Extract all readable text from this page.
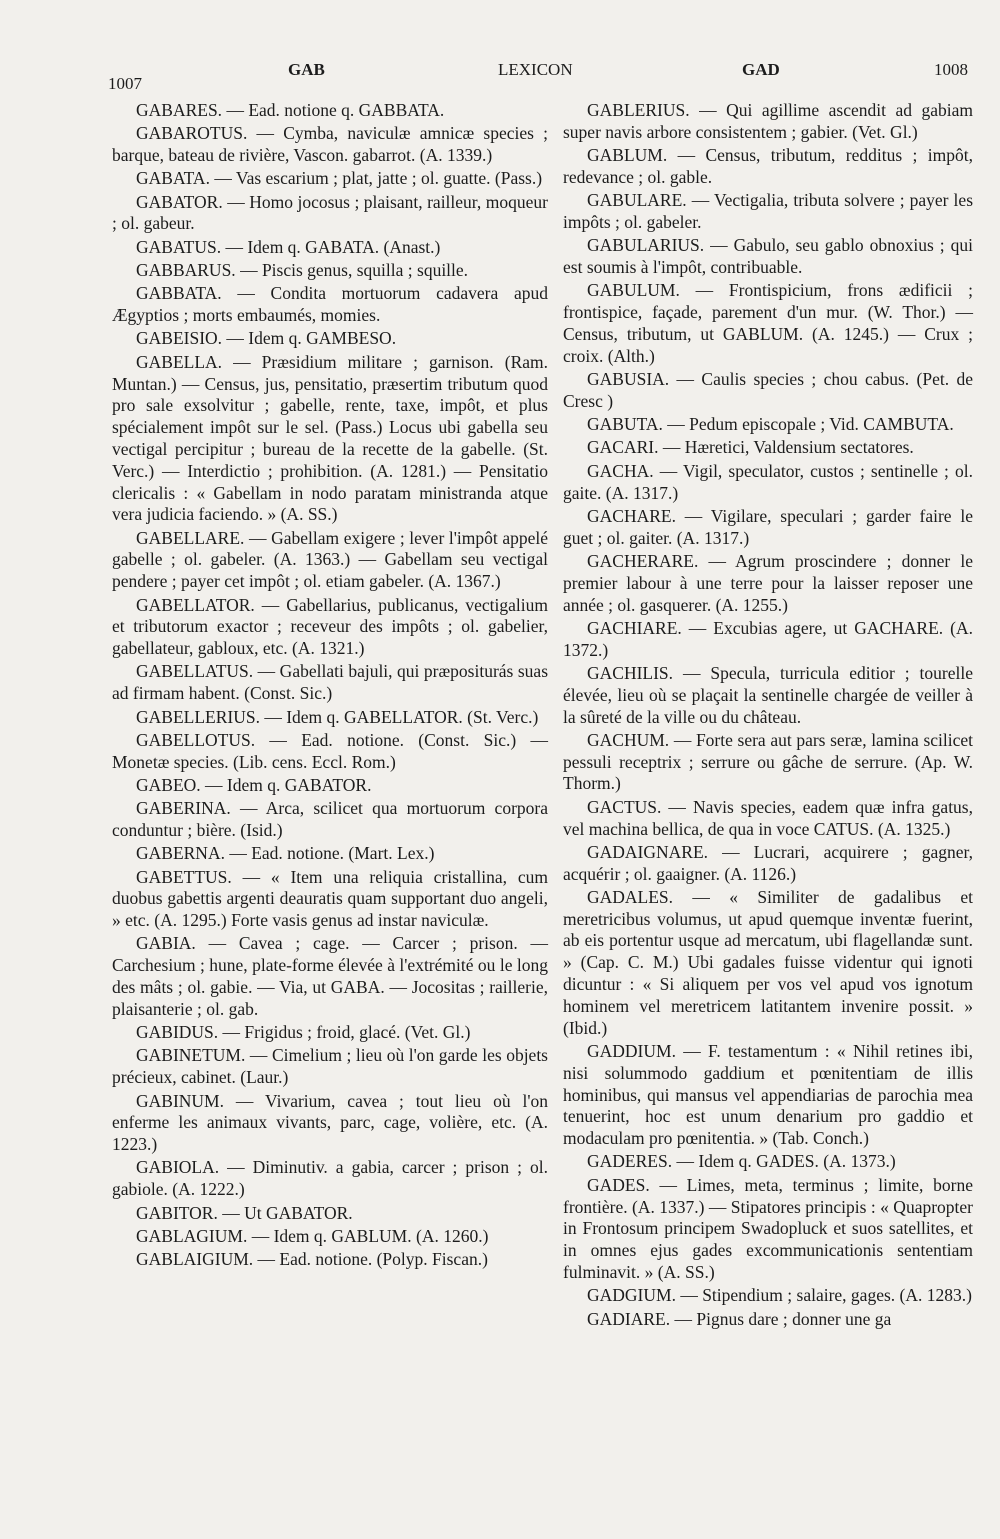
1007
GAB	LEXICON	GAD	1008

GABARES. — Ead. notione q. GABBATA.

GABAROTUS. — Cymba, naviculæ amnicæ species ; barque, bateau de rivière, Vascon. gabarrot. (A. 1339.)

GABATA. — Vas escarium ; plat, jatte ; ol. guatte. (Pass.)

GABATOR. — Homo jocosus ; plaisant, railleur, moqueur ; ol. gabeur.

GABATUS. — Idem q. GABATA. (Anast.)

GABBARUS. — Piscis genus, squilla ; squille.

GABBATA. — Condita mortuorum cadavera apud Ægyptios ; morts embaumés, momies.

GABEISIO. — Idem q. GAMBESO.

GABELLA. — Præsidium militare ; garnison. (Ram. Muntan.) — Census, jus, pensitatio, præsertim tributum quod pro sale exsolvitur ; gabelle, rente, taxe, impôt, et plus spécialement impôt sur le sel. (Pass.) Locus ubi gabella seu vectigal percipitur ; bureau de la recette de la gabelle. (St. Verc.) — Interdictio ; prohibition. (A. 1281.) — Pensitatio clericalis : « Gabellam in nodo paratam ministranda atque vera judicia faciendo. » (A. SS.)

GABELLARE. — Gabellam exigere ; lever l'impôt appelé gabelle ; ol. gabeler. (A. 1363.) — Gabellam seu vectigal pendere ; payer cet impôt ; ol. etiam gabeler. (A. 1367.)

GABELLATOR. — Gabellarius, publicanus, vectigalium et tributorum exactor ; receveur des impôts ; ol. gabelier, gabellateur, gabloux, etc. (A. 1321.)

GABELLATUS. — Gabellati bajuli, qui præpositurás suas ad firmam habent. (Const. Sic.)

GABELLERIUS. — Idem q. GABELLATOR. (St. Verc.)

GABELLOTUS. — Ead. notione. (Const. Sic.) — Monetæ species. (Lib. cens. Eccl. Rom.)

GABEO. — Idem q. GABATOR.

GABERINA. — Arca, scilicet qua mortuorum corpora conduntur ; bière. (Isid.)

GABERNA. — Ead. notione. (Mart. Lex.)

GABETTUS. — « Item una reliquia cristallina, cum duobus gabettis argenti deauratis quam supportant duo angeli, » etc. (A. 1295.) Forte vasis genus ad instar naviculæ.

GABIA. — Cavea ; cage. — Carcer ; prison. — Carchesium ; hune, plate-forme élevée à l'extrémité ou le long des mâts ; ol. gabie. — Via, ut GABA. — Jocositas ; raillerie, plaisanterie ; ol. gab.

GABIDUS. — Frigidus ; froid, glacé. (Vet. Gl.)

GABINETUM. — Cimelium ; lieu où l'on garde les objets précieux, cabinet. (Laur.)

GABINUM. — Vivarium, cavea ; tout lieu où l'on enferme les animaux vivants, parc, cage, volière, etc. (A. 1223.)

GABIOLA. — Diminutiv. a gabia, carcer ; prison ; ol. gabiole. (A. 1222.)

GABITOR. — Ut GABATOR.

GABLAGIUM. — Idem q. GABLUM. (A. 1260.)

GABLAIGIUM. — Ead. notione. (Polyp. Fiscan.)

GABLERIUS. — Qui agillime ascendit ad gabiam super navis arbore consistentem ; gabier. (Vet. Gl.)

GABLUM. — Census, tributum, redditus ; impôt, redevance ; ol. gable.

GABULARE. — Vectigalia, tributa solvere ; payer les impôts ; ol. gabeler.

GABULARIUS. — Gabulo, seu gablo obnoxius ; qui est soumis à l'impôt, contribuable.

GABULUM. — Frontispicium, frons ædificii ; frontispice, façade, parement d'un mur. (W. Thor.) — Census, tributum, ut GABLUM. (A. 1245.) — Crux ; croix. (Alth.)

GABUSIA. — Caulis species ; chou cabus. (Pet. de Cresc )

GABUTA. — Pedum episcopale ; Vid. CAMBUTA.

GACARI. — Hæretici, Valdensium sectatores.

GACHA. — Vigil, speculator, custos ; sentinelle ; ol. gaite. (A. 1317.)

GACHARE. — Vigilare, speculari ; garder faire le guet ; ol. gaiter. (A. 1317.)

GACHERARE. — Agrum proscindere ; donner le premier labour à une terre pour la laisser reposer une année ; ol. gasquerer. (A. 1255.)

GACHIARE. — Excubias agere, ut GACHARE. (A. 1372.)

GACHILIS. — Specula, turricula editior ; tourelle élevée, lieu où se plaçait la sentinelle chargée de veiller à la sûreté de la ville ou du château.

GACHUM. — Forte sera aut pars seræ, lamina scilicet pessuli receptrix ; serrure ou gâche de serrure. (Ap. W. Thorm.)

GACTUS. — Navis species, eadem quæ infra gatus, vel machina bellica, de qua in voce CATUS. (A. 1325.)

GADAIGNARE. — Lucrari, acquirere ; gagner, acquérir ; ol. gaaigner. (A. 1126.)

GADALES. — « Similiter de gadalibus et meretricibus volumus, ut apud quemque inventæ fuerint, ab eis portentur usque ad mercatum, ubi flagellandæ sunt. » (Cap. C. M.) Ubi gadales fuisse videntur qui ignoti dicuntur : « Si aliquem per vos vel apud vos ignotum hominem vel meretricem latitantem invenire possit. » (Ibid.)

GADDIUM. — F. testamentum : « Nihil retines ibi, nisi solummodo gaddium et pœnitentiam de illis hominibus, qui mansus vel appendiarias de parochia mea tenuerint, hoc est unum denarium pro gaddio et modaculam pro pœnitentia. » (Tab. Conch.)

GADERES. — Idem q. GADES. (A. 1373.)

GADES. — Limes, meta, terminus ; limite, borne frontière. (A. 1337.) — Stipatores principis : « Quapropter in Frontosum principem Swadopluck et suos satellites, et in omnes ejus gades excommunicationis sententiam fulminavit. » (A. SS.)

GADGIUM. — Stipendium ; salaire, gages. (A. 1283.)

GADIARE. — Pignus dare ; donner une ga
